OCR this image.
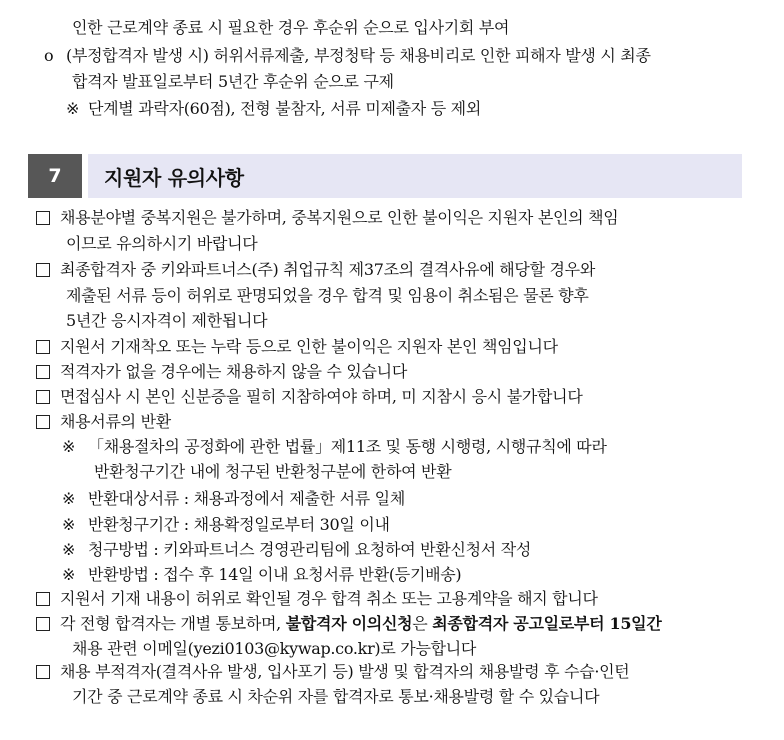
인한 근로계약 종료 시 필요한 경우 후순위 순으로 입사기회 부여
o (부정합격자 발생 시) 허위서류제출, 부정청탁 등 채용비리로 인한 피해자 발생 시 최종
합격자 발표일로부터 5년간 후순위 순으로 구제
※ 단계별 과락자(60점), 전형 불참자, 서류 미제출자 등 제외
7	지원자 유의사항
채용분야별 중복지원은 불가하며, 중복지원으로 인한 불이익은 지원자 본인의 책임
이므로 유의하시기 바랍니다
최종합격자 중 키와파트너스(주) 취업규칙 제37조의 결격사유에 해당할 경우와
제출된 서류 등이 허위로 판명되었을 경우 합격 및 임용이 취소됨은 물론 향후
5년간 응시자격이 제한됩니다
지원서 기재착오 또는 누락 등으로 인한 불이익은 지원자 본인 책임입니다
적격자가 없을 경우에는 채용하지 않을 수 있습니다
면접심사 시 본인 신분증을 필히 지참하여야 하며, 미 지참시 응시 불가합니다
채용서류의 반환
※ 「채용절차의 공정화에 관한 법률」제11조 및 동행 시행령, 시행규칙에 따라
반환청구기간 내에 청구된 반환청구분에 한하여 반환
※ 반환대상서류 : 채용과정에서 제출한 서류 일체
※ 반환청구기간 : 채용확정일로부터 30일 이내
※ 청구방법 : 키와파트너스 경영관리팀에 요청하여 반환신청서 작성
※ 반환방법 : 접수 후 14일 이내 요청서류 반환(등기배송)
지원서 기재 내용이 허위로 확인될 경우 합격 취소 또는 고용계약을 해지 합니다
각 전형 합격자는 개별 통보하며, 불합격자 이의신청은 최종합격자 공고일로부터 15일간
채용 관련 이메일(yezi0103@kywap.co.kr)로 가능합니다
채용 부적격자(결격사유 발생, 입사포기 등) 발생 및 합격자의 채용발령 후 수습·인턴
기간 중 근로계약 종료 시 차순위 자를 합격자로 통보·채용발령 할 수 있습니다
